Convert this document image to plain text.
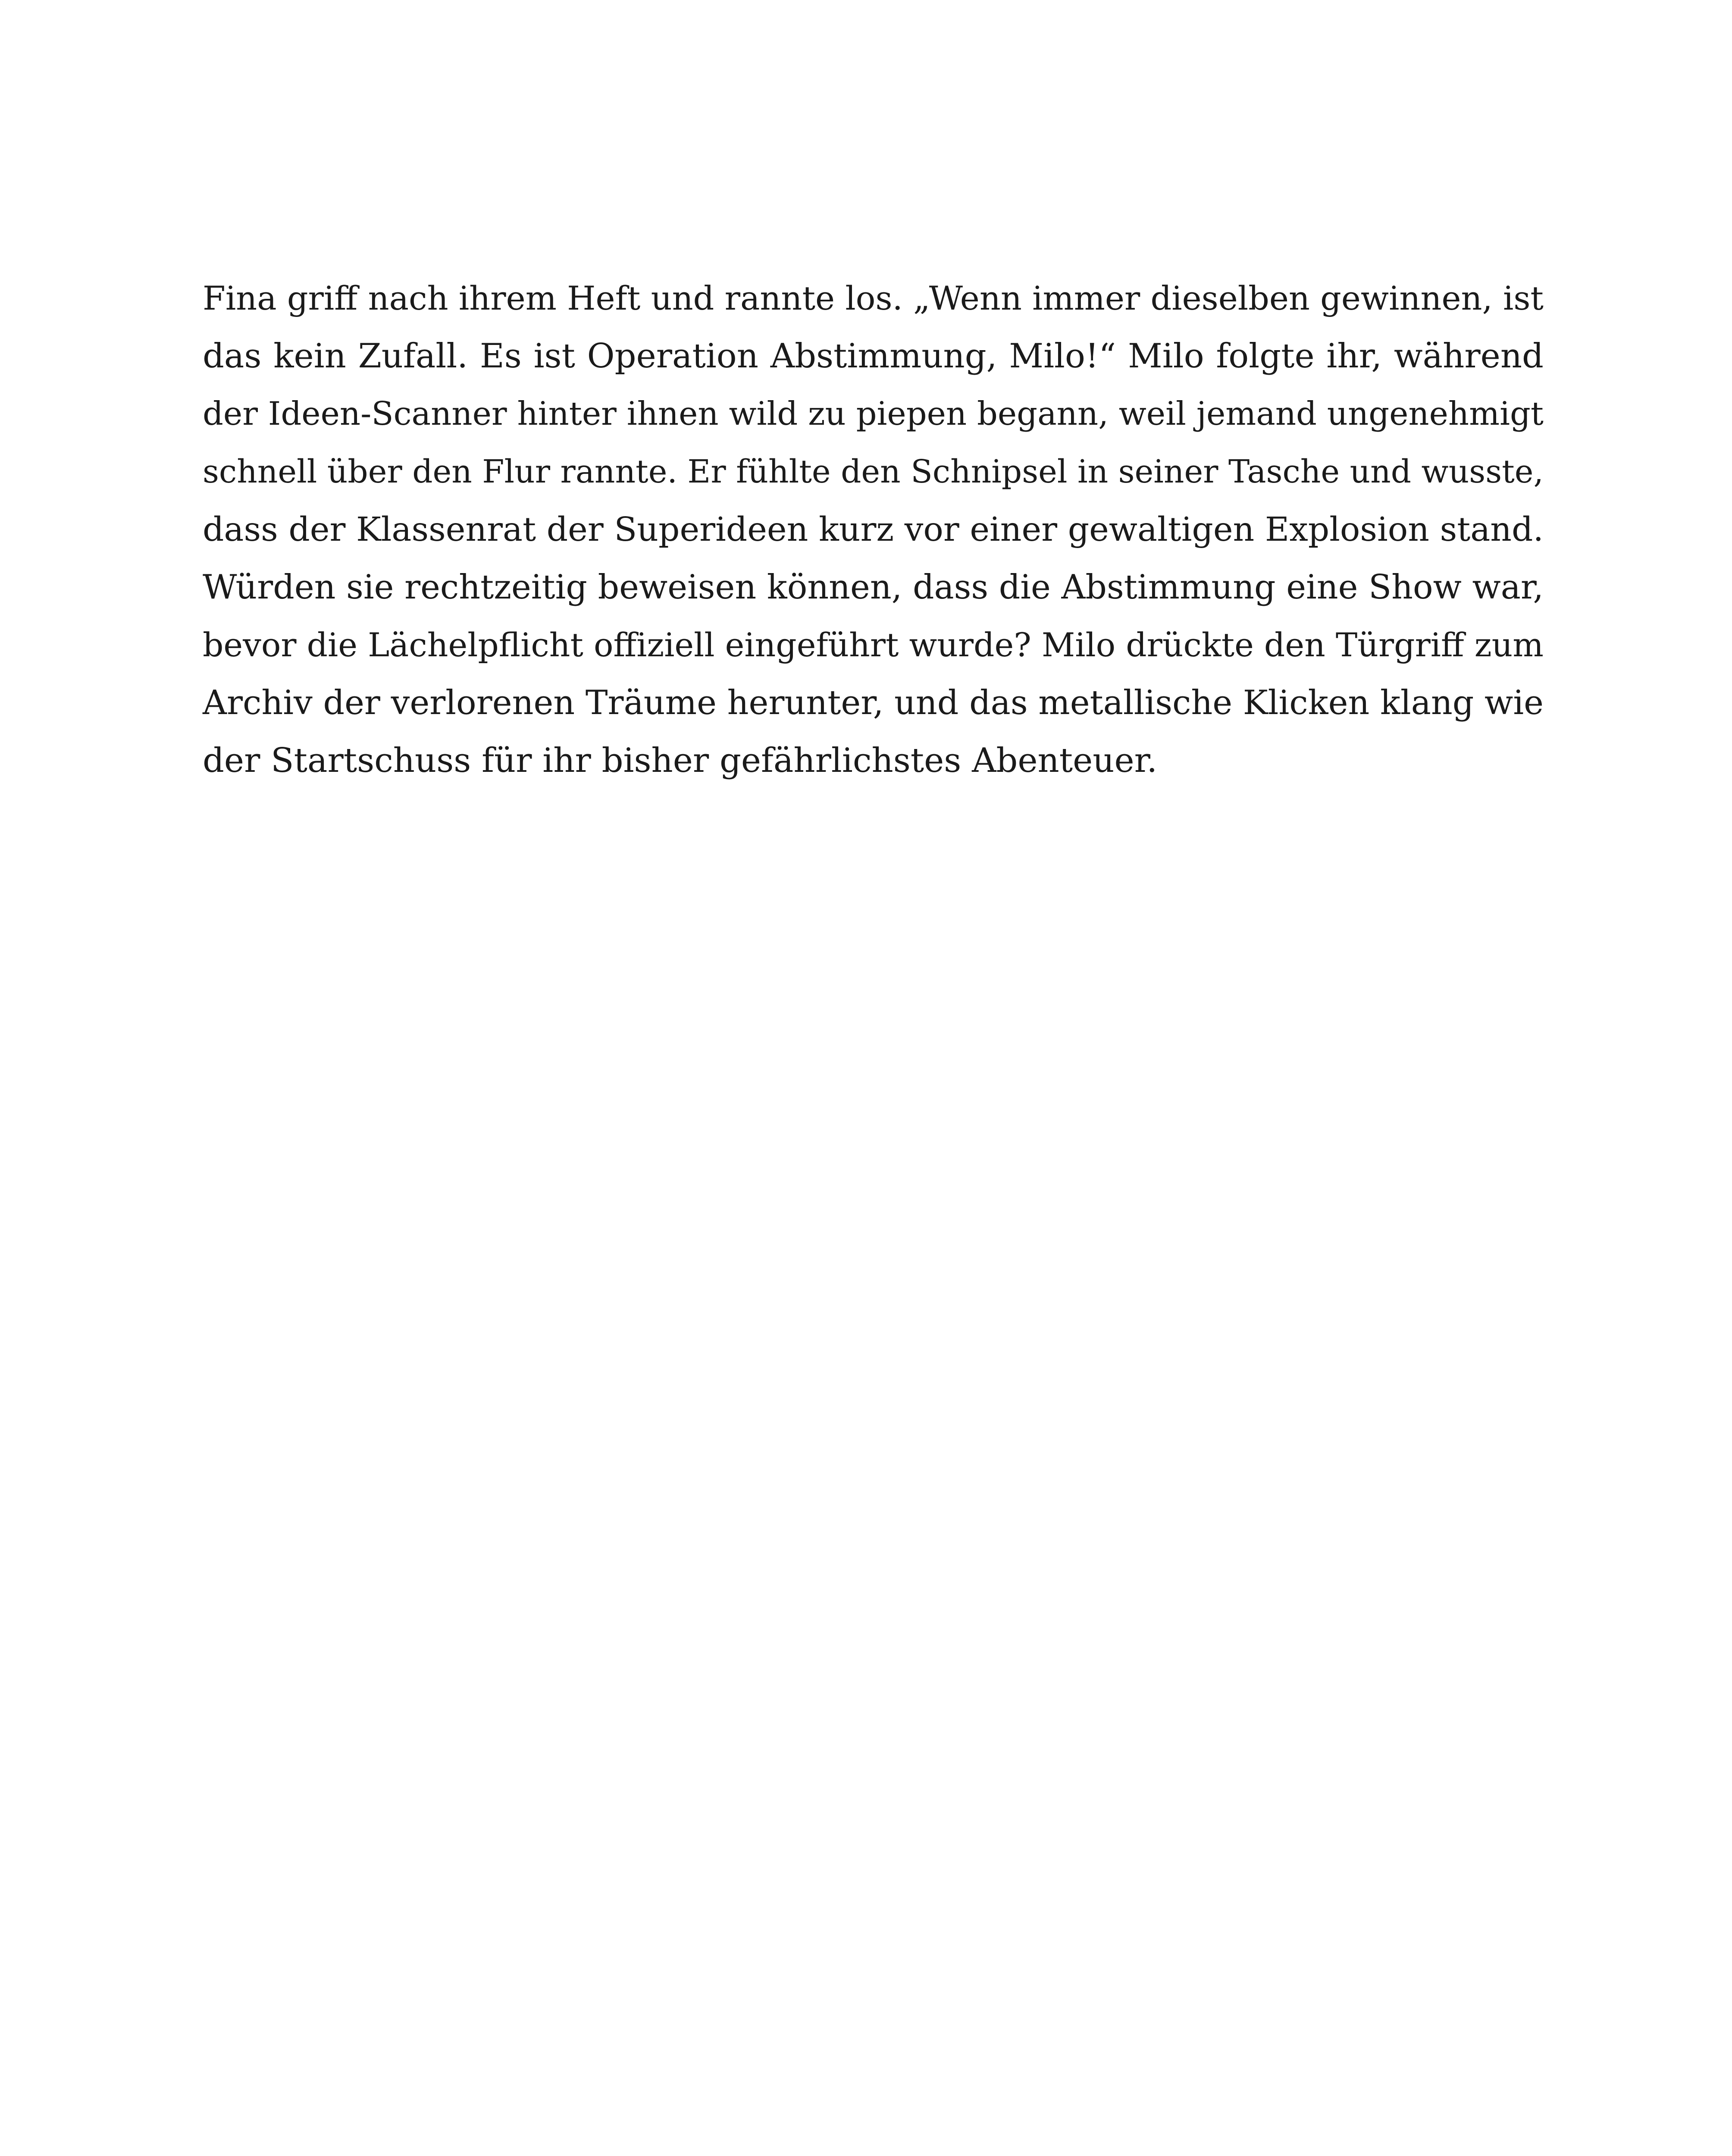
Fina griff nach ihrem Heft und rannte los. „Wenn immer dieselben gewinnen, ist
das kein Zufall. Es ist Operation Abstimmung, Milo!“ Milo folgte ihr, während
der Ideen-Scanner hinter ihnen wild zu piepen begann, weil jemand ungenehmigt
schnell über den Flur rannte. Er fühlte den Schnipsel in seiner Tasche und wusste,
dass der Klassenrat der Superideen kurz vor einer gewaltigen Explosion stand.
Würden sie rechtzeitig beweisen können, dass die Abstimmung eine Show war,
bevor die Lächelpflicht offiziell eingeführt wurde? Milo drückte den Türgriff zum
Archiv der verlorenen Träume herunter, und das metallische Klicken klang wie
der Startschuss für ihr bisher gefährlichstes Abenteuer.
